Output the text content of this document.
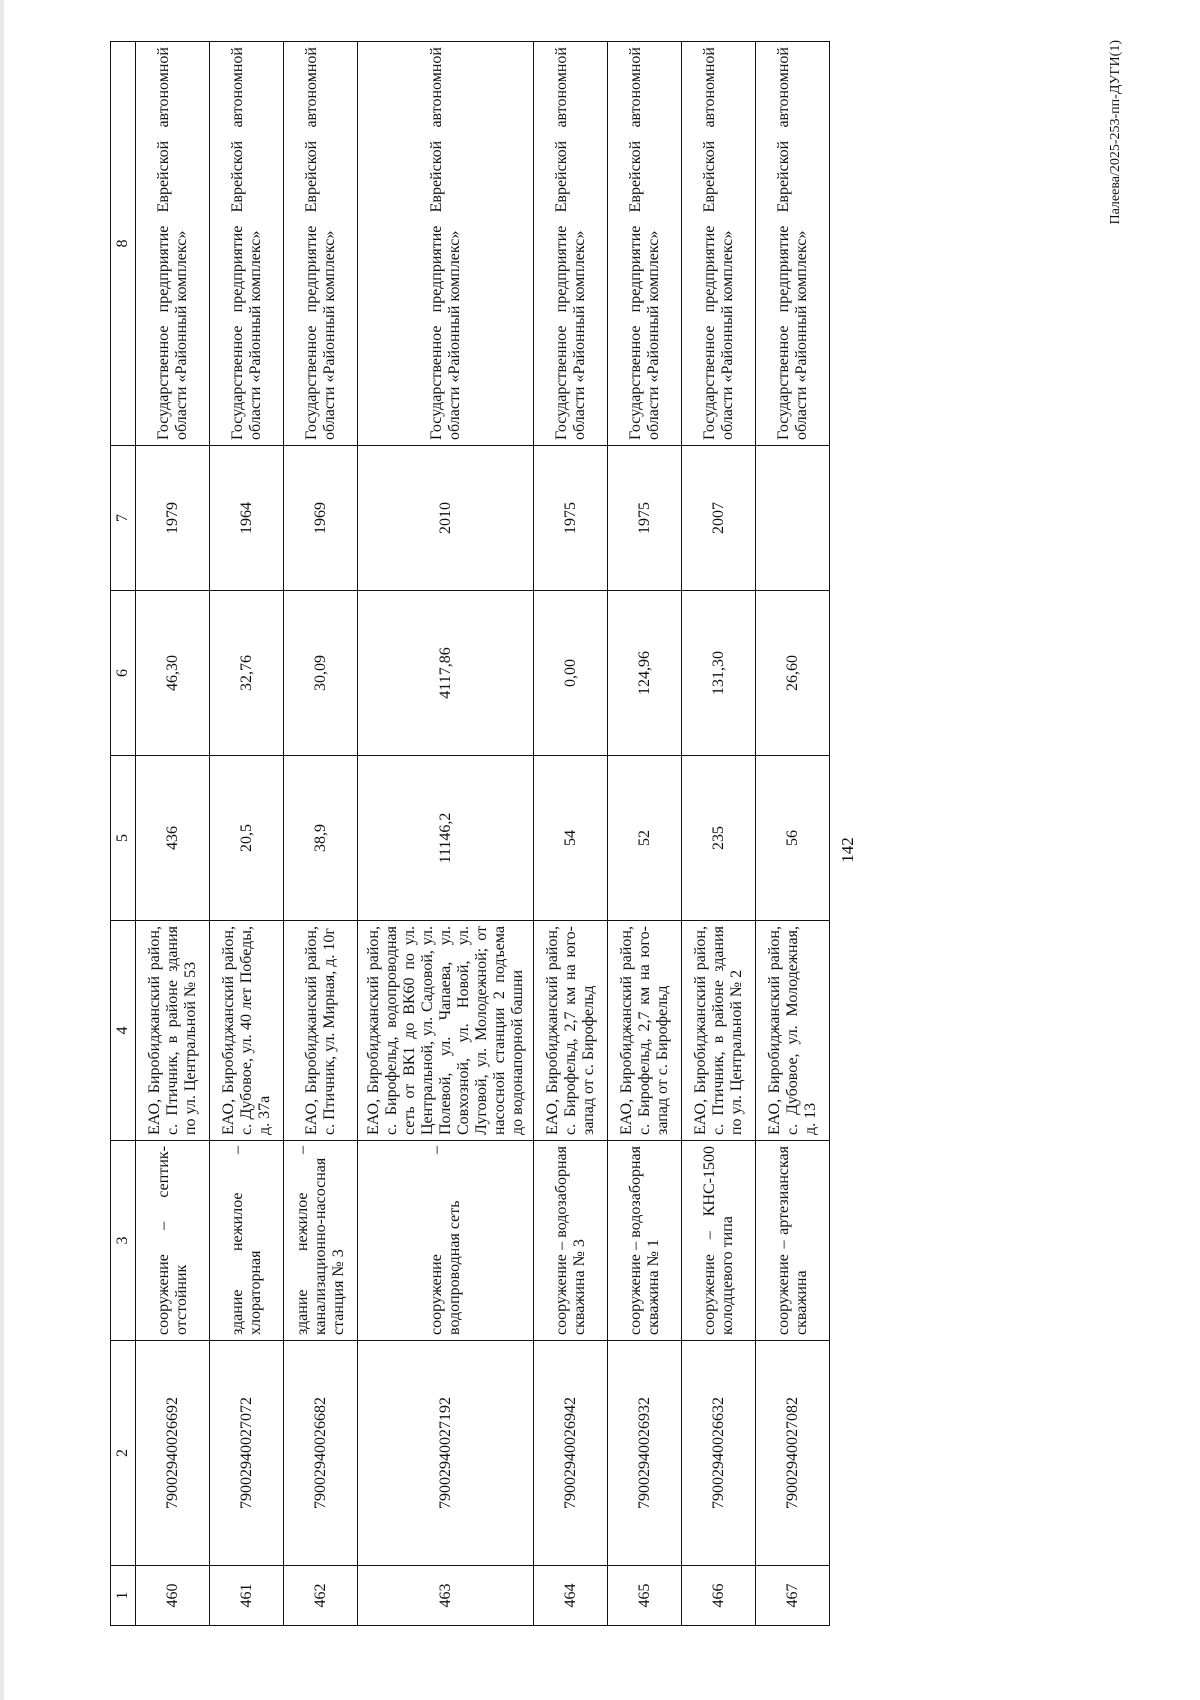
142
1	2	3	4	5	6	7	8
460	79002940026692	сооружение – септик-отстойник	ЕАО, Биробиджанский район, с. Птичник, в районе здания по ул. Центральной № 53	436	46,30	1979	Государственное предприятие Еврейской автономной области «Районный комплекс»
461	79002940027072	здание нежилое – хлораторная	ЕАО, Биробиджанский район, с. Дубовое, ул. 40 лет Победы, д. 37а	20,5	32,76	1964	Государственное предприятие Еврейской автономной области «Районный комплекс»
462	79002940026682	здание нежилое – канализационно-насосная станция № 3	ЕАО, Биробиджанский район, с. Птичник, ул. Мирная, д. 10г	38,9	30,09	1969	Государственное предприятие Еврейской автономной области «Районный комплекс»
463	79002940027192	сооружение – водопроводная сеть	ЕАО, Биробиджанский район, с. Бирофельд, водопроводная сеть от ВК1 до ВК60 по ул. Центральной, ул. Садовой, ул. Полевой, ул. Чапаева, ул. Совхозной, ул. Новой, ул. Луговой, ул. Молодежной; от насосной станции 2 подъема до водонапорной башни	11146,2	4117,86	2010	Государственное предприятие Еврейской автономной области «Районный комплекс»
464	79002940026942	сооружение – водозаборная скважина № 3	ЕАО, Биробиджанский район, с. Бирофельд, 2,7 км на юго-запад от с. Бирофельд	54	0,00	1975	Государственное предприятие Еврейской автономной области «Районный комплекс»
465	79002940026932	сооружение – водозаборная скважина № 1	ЕАО, Биробиджанский район, с. Бирофельд, 2,7 км на юго-запад от с. Бирофельд	52	124,96	1975	Государственное предприятие Еврейской автономной области «Районный комплекс»
466	79002940026632	сооружение – КНС-1500 колодцевого типа	ЕАО, Биробиджанский район, с. Птичник, в районе здания по ул. Центральной № 2	235	131,30	2007	Государственное предприятие Еврейской автономной области «Районный комплекс»
467	79002940027082	сооружение – артезианская скважина	ЕАО, Биробиджанский район, с. Дубовое, ул. Молодежная, д. 13	56	26,60		Государственное предприятие Еврейской автономной области «Районный комплекс»
Палеева/2025-253-пп-ДУГИ(1)
